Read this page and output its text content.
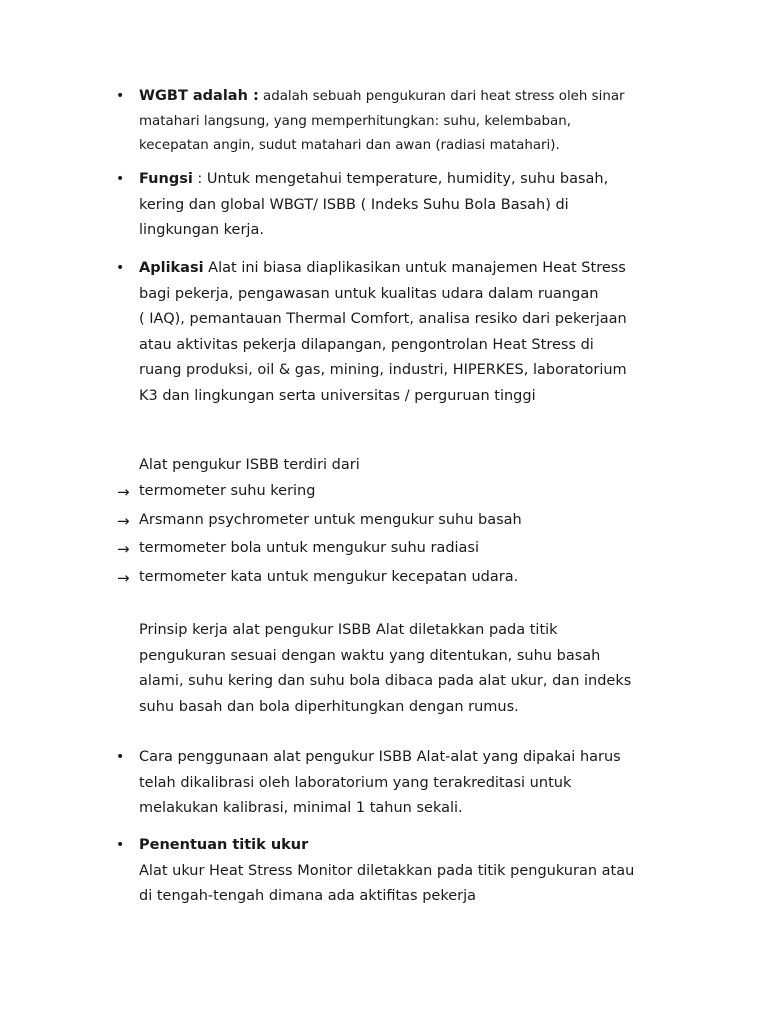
• WGBT adalah : adalah sebuah pengukuran dari heat stress oleh sinar
matahari langsung, yang memperhitungkan: suhu, kelembaban,
kecepatan angin, sudut matahari dan awan (radiasi matahari).
• Fungsi : Untuk mengetahui temperature, humidity, suhu basah,
kering dan global WBGT/ ISBB ( Indeks Suhu Bola Basah) di
lingkungan kerja.
• Aplikasi Alat ini biasa diaplikasikan untuk manajemen Heat Stress
bagi pekerja, pengawasan untuk kualitas udara dalam ruangan
( IAQ), pemantauan Thermal Comfort, analisa resiko dari pekerjaan
atau aktivitas pekerja dilapangan, pengontrolan Heat Stress di
ruang produksi, oil & gas, mining, industri, HIPERKES, laboratorium
K3 dan lingkungan serta universitas / perguruan tinggi
Alat pengukur ISBB terdiri dari
→ termometer suhu kering
→ Arsmann psychrometer untuk mengukur suhu basah
→ termometer bola untuk mengukur suhu radiasi
→ termometer kata untuk mengukur kecepatan udara.
Prinsip kerja alat pengukur ISBB Alat diletakkan pada titik
pengukuran sesuai dengan waktu yang ditentukan, suhu basah
alami, suhu kering dan suhu bola dibaca pada alat ukur, dan indeks
suhu basah dan bola diperhitungkan dengan rumus.
• Cara penggunaan alat pengukur ISBB Alat-alat yang dipakai harus
telah dikalibrasi oleh laboratorium yang terakreditasi untuk
melakukan kalibrasi, minimal 1 tahun sekali.
• Penentuan titik ukur
Alat ukur Heat Stress Monitor diletakkan pada titik pengukuran atau
di tengah-tengah dimana ada aktifitas pekerja
